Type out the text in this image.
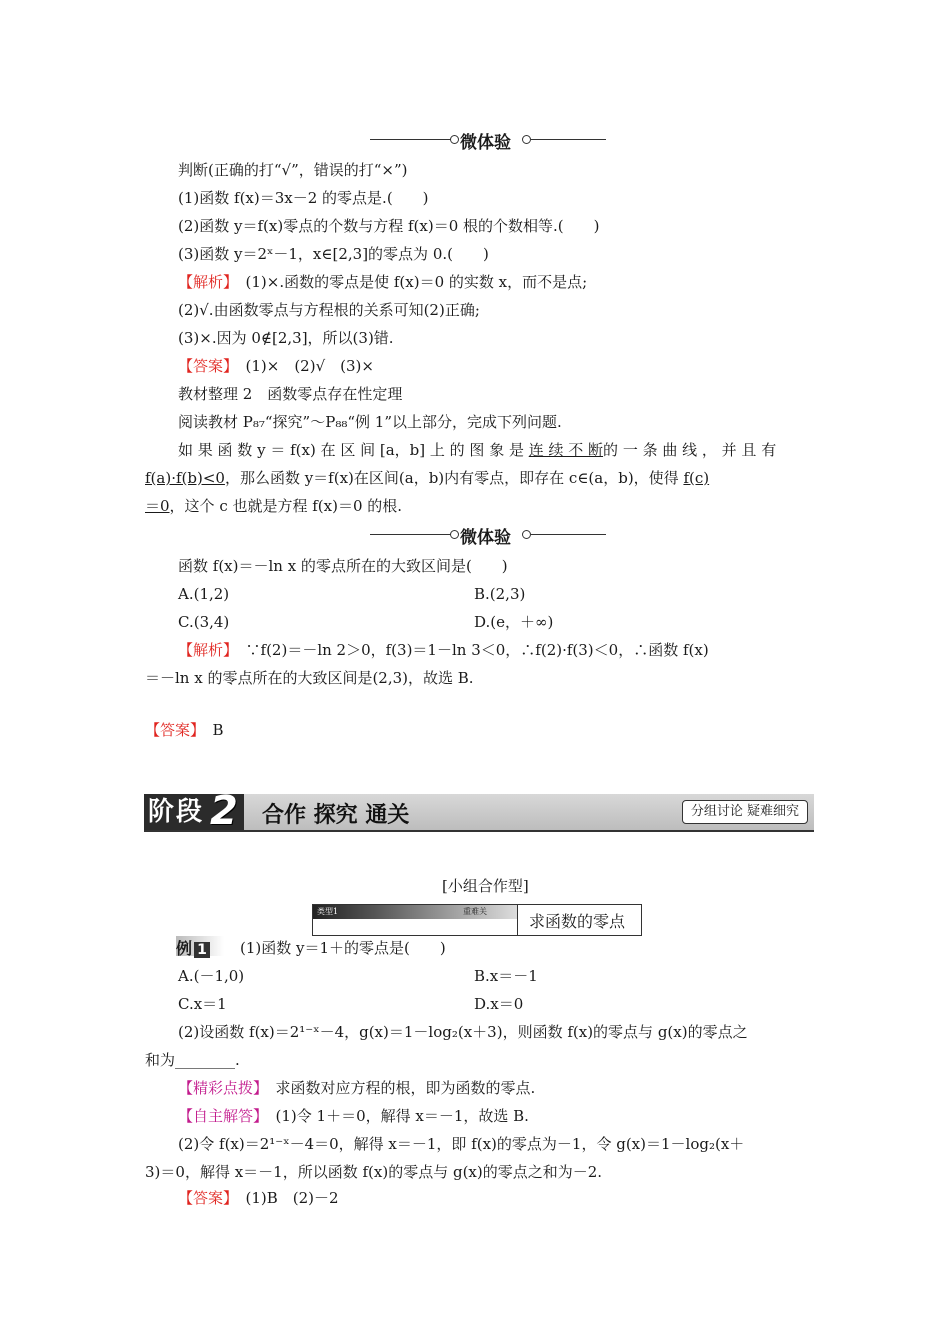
微体验
判断(正确的打“√”，错误的打“×”)
(1)函数 f(x)＝3x－2 的零点是.(　　)
(2)函数 y＝f(x)零点的个数与方程 f(x)＝0 根的个数相等.(　　)
(3)函数 y＝2ˣ－1，x∈[2,3]的零点为 0.(　　)
【解析】　(1)×.函数的零点是使 f(x)＝0 的实数 x，而不是点;
(2)√.由函数零点与方程根的关系可知(2)正确;
(3)×.因为 0∉[2,3]，所以(3)错.
【答案】　(1)×　(2)√　(3)×
教材整理 2　函数零点存在性定理
阅读教材 P₈₇“探究”～P₈₈“例 1”以上部分，完成下列问题.
如 果 函 数 y ＝ f(x) 在 区 间 [a，b] 上 的 图 象 是 连 续 不 断的 一 条 曲 线 ， 并 且 有
f(a)·f(b)<0，那么函数 y＝f(x)在区间(a，b)内有零点，即存在 c∈(a，b)，使得 f(c)
＝0，这个 c 也就是方程 f(x)＝0 的根.
微体验
函数 f(x)＝－ln x 的零点所在的大致区间是(　　)
A.(1,2)	B.(2,3)
C.(3,4)	D.(e，＋∞)
【解析】　∵f(2)＝－ln 2＞0，f(3)＝1－ln 3＜0，∴f(2)·f(3)＜0，∴函数 f(x)
＝－ln x 的零点所在的大致区间是(2,3)，故选 B.
【答案】　B
阶段 2	合作 探究 通关	分组讨论 疑难细究
[小组合作型]
类型1	重难关
求函数的零点
例 1	(1)函数 y＝1＋的零点是(　　)
A.(－1,0)	B.x＝－1
C.x＝1	D.x＝0
(2)设函数 f(x)＝2¹⁻ˣ－4，g(x)＝1－log₂(x＋3)，则函数 f(x)的零点与 g(x)的零点之
和为________.
【精彩点拨】　求函数对应方程的根，即为函数的零点.
【自主解答】　(1)令 1＋＝0，解得 x＝－1，故选 B.
(2)令 f(x)＝2¹⁻ˣ－4＝0，解得 x＝－1，即 f(x)的零点为－1，令 g(x)＝1－log₂(x＋
3)＝0，解得 x＝－1，所以函数 f(x)的零点与 g(x)的零点之和为－2.
【答案】　(1)B　(2)－2
